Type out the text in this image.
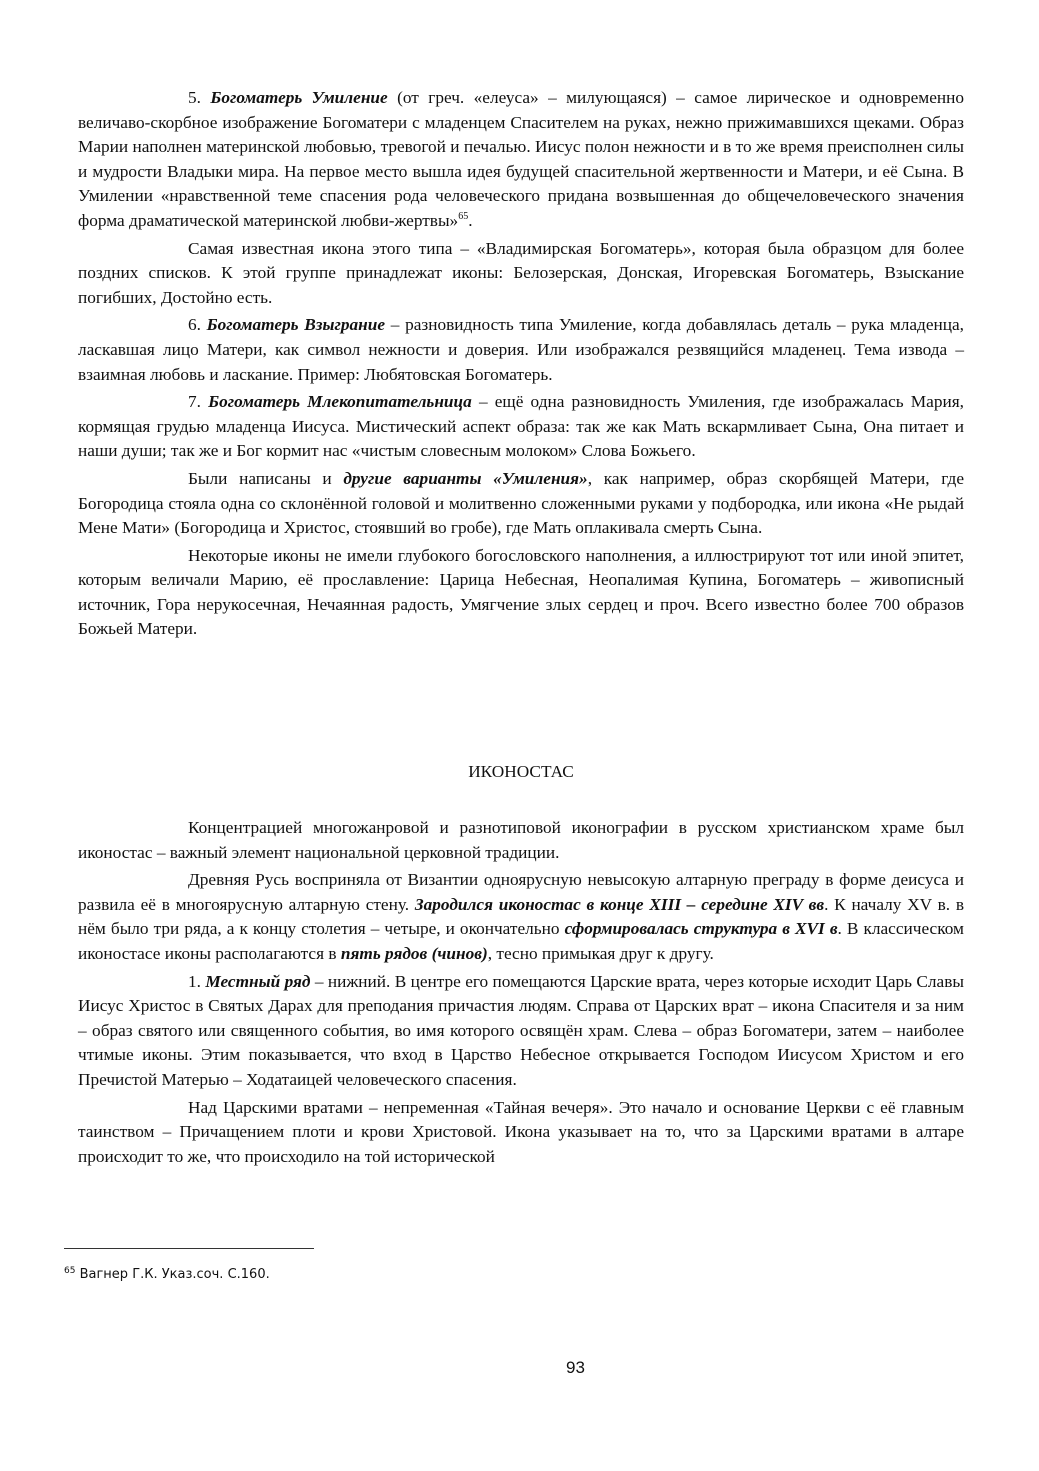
5. Богоматерь Умиление (от греч. «елеуса» – милующаяся) – самое лирическое и одновременно величаво-скорбное изображение Богоматери с младенцем Спасителем на руках, нежно прижимавшихся щеками. Образ Марии наполнен материнской любовью, тревогой и печалью. Иисус полон нежности и в то же время преисполнен силы и мудрости Владыки мира. На первое место вышла идея будущей спасительной жертвенности и Матери, и её Сына. В Умилении «нравственной теме спасения рода человеческого придана возвышенная до общечеловеческого значения форма драматической материнской любви-жертвы»$^{65}$.

Самая известная икона этого типа – «Владимирская Богоматерь», которая была образцом для более поздних списков. К этой группе принадлежат иконы: Белозерская, Донская, Игоревская Богоматерь, Взыскание погибших, Достойно есть.

6. Богоматерь Взыграние – разновидность типа Умиление, когда добавлялась деталь – рука младенца, ласкавшая лицо Матери, как символ нежности и доверия. Или изображался резвящийся младенец. Тема извода – взаимная любовь и ласкание. Пример: Любятовская Богоматерь.

7. Богоматерь Млекопитательница – ещё одна разновидность Умиления, где изображалась Мария, кормящая грудью младенца Иисуса. Мистический аспект образа: так же как Мать вскармливает Сына, Она питает и наши души; так же и Бог кормит нас «чистым словесным молоком» Слова Божьего.

Были написаны и другие варианты «Умиления», как например, образ скорбящей Матери, где Богородица стояла одна со склонённой головой и молитвенно сложенными руками у подбородка, или икона «Не рыдай Мене Мати» (Богородица и Христос, стоявший во гробе), где Мать оплакивала смерть Сына.

Некоторые иконы не имели глубокого богословского наполнения, а иллюстрируют тот или иной эпитет, которым величали Марию, её прославление: Царица Небесная, Неопалимая Купина, Богоматерь – живописный источник, Гора нерукосечная, Нечаянная радость, Умягчение злых сердец и проч. Всего известно более 700 образов Божьей Матери.

ИКОНОСТАС

Концентрацией многожанровой и разнотиповой иконографии в русском христианском храме был иконостас – важный элемент национальной церковной традиции.

Древняя Русь восприняла от Византии одноярусную невысокую алтарную преграду в форме деисуса и развила её в многоярусную алтарную стену. Зародился иконостас в конце XIII – середине XIV вв. К началу XV в. в нём было три ряда, а к концу столетия – четыре, и окончательно сформировалась структура в XVI в. В классическом иконостасе иконы располагаются в пять рядов (чинов), тесно примыкая друг к другу.

1. Местный ряд – нижний. В центре его помещаются Царские врата, через которые исходит Царь Славы Иисус Христос в Святых Дарах для преподания причастия людям. Справа от Царских врат – икона Спасителя и за ним – образ святого или священного события, во имя которого освящён храм. Слева – образ Богоматери, затем – наиболее чтимые иконы. Этим показывается, что вход в Царство Небесное открывается Господом Иисусом Христом и его Пречистой Матерью – Ходатаицей человеческого спасения.

Над Царскими вратами – непременная «Тайная вечеря». Это начало и основание Церкви с её главным таинством – Причащением плоти и крови Христовой. Икона указывает на то, что за Царскими вратами в алтаре происходит то же, что происходило на той исторической

$^{65}$ Вагнер Г.К. Указ.соч. С.160.
93
